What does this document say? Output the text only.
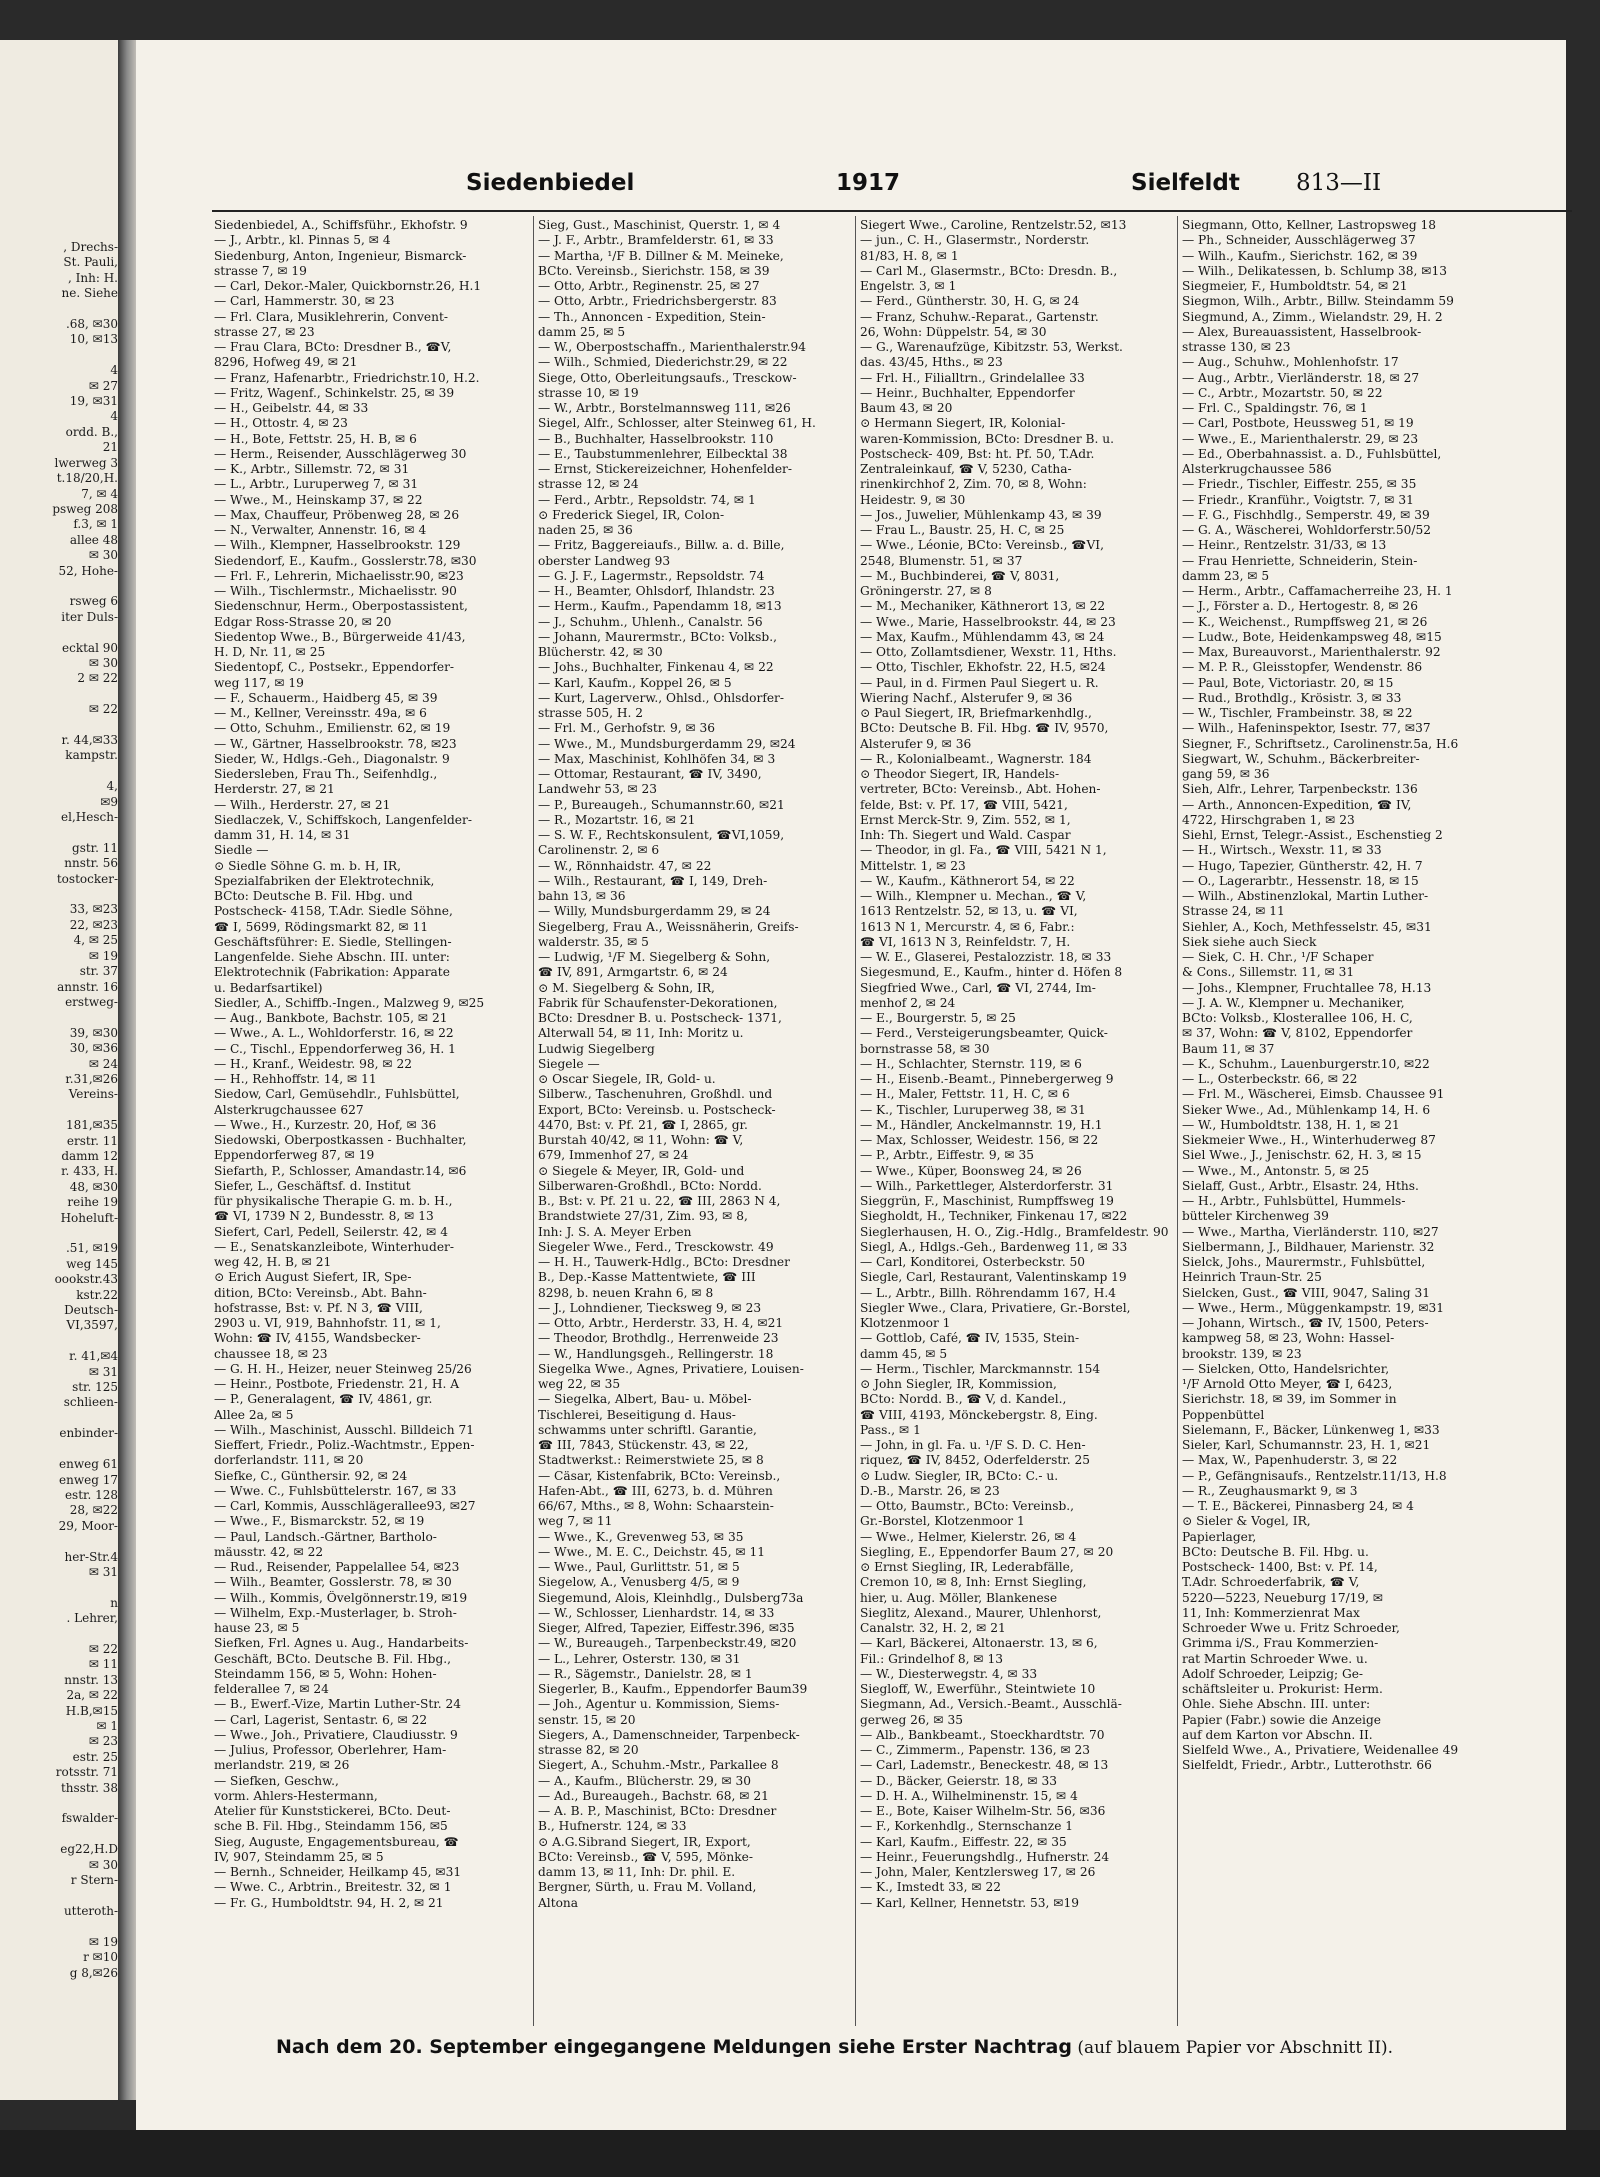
, Drechs-
St. Pauli,
, Inh: H.
ne. Siehe

.68, ✉30
10, ✉13

4
✉ 27
19, ✉31
4
ordd. B.,
21
lwerweg 3
t.18/20,H.
7, ✉ 4
psweg 208
f.3, ✉ 1
allee 48
✉ 30
52, Hohe-

rsweg 6
iter Duls-

ecktal 90
✉ 30
2 ✉ 22

✉ 22

r. 44,✉33
kampstr.

4,
✉9
el,Hesch-

gstr. 11
nnstr. 56
tostocker-

33, ✉23
22, ✉23
4, ✉ 25
✉ 19
str. 37
annstr. 16
erstweg-

39, ✉30
30, ✉36
✉ 24
r.31,✉26
Vereins-

181,✉35
erstr. 11
damm 12
r. 433, H.
48, ✉30
reihe 19
Hoheluft-

.51, ✉19
weg 145
oookstr.43
kstr.22
Deutsch-
VI,3597,

r. 41,✉4
✉ 31
str. 125
schlieen-

enbinder-

enweg 61
enweg 17
estr. 128
28, ✉22
29, Moor-

her-Str.4
✉ 31

n
. Lehrer,

✉ 22
✉ 11
nnstr. 13
2a, ✉ 22
H.B,✉15
✉ 1
✉ 23
estr. 25
rotsstr. 71
thsstr. 38

fswalder-

eg22,H.D
✉ 30
r Stern-

utteroth-

✉ 19
r ✉10
g 8,✉26
Siedenbiedel	1917	Sielfeldt 813—II
Siedenbiedel, A., Schiffsführ., Ekhofstr. 9
— J., Arbtr., kl. Pinnas 5, ✉ 4
Siedenburg, Anton, Ingenieur, Bismarck-
strasse 7, ✉ 19
— Carl, Dekor.-Maler, Quickbornstr.26, H.1
— Carl, Hammerstr. 30, ✉ 23
— Frl. Clara, Musiklehrerin, Convent-
strasse 27, ✉ 23
— Frau Clara, BCto: Dresdner B., ☎V,
8296, Hofweg 49, ✉ 21
— Franz, Hafenarbtr., Friedrichstr.10, H.2.
— Fritz, Wagenf., Schinkelstr. 25, ✉ 39
— H., Geibelstr. 44, ✉ 33
— H., Ottostr. 4, ✉ 23
— H., Bote, Fettstr. 25, H. B, ✉ 6
— Herm., Reisender, Ausschlägerweg 30
— K., Arbtr., Sillemstr. 72, ✉ 31
— L., Arbtr., Luruperweg 7, ✉ 31
— Wwe., M., Heinskamp 37, ✉ 22
— Max, Chauffeur, Pröbenweg 28, ✉ 26
— N., Verwalter, Annenstr. 16, ✉ 4
— Wilh., Klempner, Hasselbrookstr. 129
Siedendorf, E., Kaufm., Gosslerstr.78, ✉30
— Frl. F., Lehrerin, Michaelisstr.90, ✉23
— Wilh., Tischlermstr., Michaelisstr. 90
Siedenschnur, Herm., Oberpostassistent,
Edgar Ross-Strasse 20, ✉ 20
Siedentop Wwe., B., Bürgerweide 41/43,
H. D, Nr. 11, ✉ 25
Siedentopf, C., Postsekr., Eppendorfer-
weg 117, ✉ 19
— F., Schauerm., Haidberg 45, ✉ 39
— M., Kellner, Vereinsstr. 49a, ✉ 6
— Otto, Schuhm., Emilienstr. 62, ✉ 19
— W., Gärtner, Hasselbrookstr. 78, ✉23
Sieder, W., Hdlgs.-Geh., Diagonalstr. 9
Siedersleben, Frau Th., Seifenhdlg.,
Herderstr. 27, ✉ 21
— Wilh., Herderstr. 27, ✉ 21
Siedlaczek, V., Schiffskoch, Langenfelder-
damm 31, H. 14, ✉ 31
Siedle —
⊙ Siedle Söhne G. m. b. H, IR,
Spezialfabriken der Elektrotechnik,
BCto: Deutsche B. Fil. Hbg. und
Postscheck- 4158, T.Adr. Siedle Söhne,
☎ I, 5699, Rödingsmarkt 82, ✉ 11
Geschäftsführer: E. Siedle, Stellingen-
Langenfelde. Siehe Abschn. III. unter:
Elektrotechnik (Fabrikation: Apparate
u. Bedarfsartikel)
Siedler, A., Schiffb.-Ingen., Malzweg 9, ✉25
— Aug., Bankbote, Bachstr. 105, ✉ 21
— Wwe., A. L., Wohldorferstr. 16, ✉ 22
— C., Tischl., Eppendorferweg 36, H. 1
— H., Kranf., Weidestr. 98, ✉ 22
— H., Rehhoffstr. 14, ✉ 11
Siedow, Carl, Gemüsehdlr., Fuhlsbüttel,
Alsterkrugchaussee 627
— Wwe., H., Kurzestr. 20, Hof, ✉ 36
Siedowski, Oberpostkassen - Buchhalter,
Eppendorferweg 87, ✉ 19
Siefarth, P., Schlosser, Amandastr.14, ✉6
Siefer, L., Geschäftsf. d. Institut
für physikalische Therapie G. m. b. H.,
☎ VI, 1739 N 2, Bundesstr. 8, ✉ 13
Siefert, Carl, Pedell, Seilerstr. 42, ✉ 4
— E., Senatskanzleibote, Winterhuder-
weg 42, H. B, ✉ 21
⊙ Erich August Siefert, IR, Spe-
dition, BCto: Vereinsb., Abt. Bahn-
hofstrasse, Bst: v. Pf. N 3, ☎ VIII,
2903 u. VI, 919, Bahnhofstr. 11, ✉ 1,
Wohn: ☎ IV, 4155, Wandsbecker-
chaussee 18, ✉ 23
— G. H. H., Heizer, neuer Steinweg 25/26
— Heinr., Postbote, Friedenstr. 21, H. A
— P., Generalagent, ☎ IV, 4861, gr.
Allee 2a, ✉ 5
— Wilh., Maschinist, Ausschl. Billdeich 71
Sieffert, Friedr., Poliz.-Wachtmstr., Eppen-
dorferlandstr. 111, ✉ 20
Siefke, C., Günthersir. 92, ✉ 24
— Wwe. C., Fuhlsbüttelerstr. 167, ✉ 33
— Carl, Kommis, Ausschlägerallee93, ✉27
— Wwe., F., Bismarckstr. 52, ✉ 19
— Paul, Landsch.-Gärtner, Bartholo-
mäusstr. 42, ✉ 22
— Rud., Reisender, Pappelallee 54, ✉23
— Wilh., Beamter, Gosslerstr. 78, ✉ 30
— Wilh., Kommis, Övelgönnerstr.19, ✉19
— Wilhelm, Exp.-Musterlager, b. Stroh-
hause 23, ✉ 5
Siefken, Frl. Agnes u. Aug., Handarbeits-
Geschäft, BCto. Deutsche B. Fil. Hbg.,
Steindamm 156, ✉ 5, Wohn: Hohen-
felderallee 7, ✉ 24
— B., Ewerf.-Vize, Martin Luther-Str. 24
— Carl, Lagerist, Sentastr. 6, ✉ 22
— Wwe., Joh., Privatiere, Claudiusstr. 9
— Julius, Professor, Oberlehrer, Ham-
merlandstr. 219, ✉ 26
— Siefken, Geschw.,
vorm. Ahlers-Hestermann,
Atelier für Kunststickerei, BCto. Deut-
sche B. Fil. Hbg., Steindamm 156, ✉5
Sieg, Auguste, Engagementsbureau, ☎
IV, 907, Steindamm 25, ✉ 5
— Bernh., Schneider, Heilkamp 45, ✉31
— Wwe. C., Arbtrin., Breitestr. 32, ✉ 1
— Fr. G., Humboldtstr. 94, H. 2, ✉ 21
Sieg, Gust., Maschinist, Querstr. 1, ✉ 4
— J. F., Arbtr., Bramfelderstr. 61, ✉ 33
— Martha, ¹/F B. Dillner & M. Meineke,
BCto. Vereinsb., Sierichstr. 158, ✉ 39
— Otto, Arbtr., Reginenstr. 25, ✉ 27
— Otto, Arbtr., Friedrichsbergerstr. 83
— Th., Annoncen - Expedition, Stein-
damm 25, ✉ 5
— W., Oberpostschaffn., Marienthalerstr.94
— Wilh., Schmied, Diederichstr.29, ✉ 22
Siege, Otto, Oberleitungsaufs., Tresckow-
strasse 10, ✉ 19
— W., Arbtr., Borstelmannsweg 111, ✉26
Siegel, Alfr., Schlosser, alter Steinweg 61, H.
— B., Buchhalter, Hasselbrookstr. 110
— E., Taubstummenlehrer, Eilbecktal 38
— Ernst, Stickereizeichner, Hohenfelder-
strasse 12, ✉ 24
— Ferd., Arbtr., Repsoldstr. 74, ✉ 1
⊙ Frederick Siegel, IR, Colon-
naden 25, ✉ 36
— Fritz, Baggereiaufs., Billw. a. d. Bille,
oberster Landweg 93
— G. J. F., Lagermstr., Repsoldstr. 74
— H., Beamter, Ohlsdorf, Ihlandstr. 23
— Herm., Kaufm., Papendamm 18, ✉13
— J., Schuhm., Uhlenh., Canalstr. 56
— Johann, Maurermstr., BCto: Volksb.,
Blücherstr. 42, ✉ 30
— Johs., Buchhalter, Finkenau 4, ✉ 22
— Karl, Kaufm., Koppel 26, ✉ 5
— Kurt, Lagerverw., Ohlsd., Ohlsdorfer-
strasse 505, H. 2
— Frl. M., Gerhofstr. 9, ✉ 36
— Wwe., M., Mundsburgerdamm 29, ✉24
— Max, Maschinist, Kohlhöfen 34, ✉ 3
— Ottomar, Restaurant, ☎ IV, 3490,
Landwehr 53, ✉ 23
— P., Bureaugeh., Schumannstr.60, ✉21
— R., Mozartstr. 16, ✉ 21
— S. W. F., Rechtskonsulent, ☎VI,1059,
Carolinenstr. 2, ✉ 6
— W., Rönnhaidstr. 47, ✉ 22
— Wilh., Restaurant, ☎ I, 149, Dreh-
bahn 13, ✉ 36
— Willy, Mundsburgerdamm 29, ✉ 24
Siegelberg, Frau A., Weissnäherin, Greifs-
walderstr. 35, ✉ 5
— Ludwig, ¹/F M. Siegelberg & Sohn,
☎ IV, 891, Armgartstr. 6, ✉ 24
⊙ M. Siegelberg & Sohn, IR,
Fabrik für Schaufenster-Dekorationen,
BCto: Dresdner B. u. Postscheck- 1371,
Alterwall 54, ✉ 11, Inh: Moritz u.
Ludwig Siegelberg
Siegele —
⊙ Oscar Siegele, IR, Gold- u.
Silberw., Taschenuhren, Großhdl. und
Export, BCto: Vereinsb. u. Postscheck-
4470, Bst: v. Pf. 21, ☎ I, 2865, gr.
Burstah 40/42, ✉ 11, Wohn: ☎ V,
679, Immenhof 27, ✉ 24
⊙ Siegele & Meyer, IR, Gold- und
Silberwaren-Großhdl., BCto: Nordd.
B., Bst: v. Pf. 21 u. 22, ☎ III, 2863 N 4,
Brandstwiete 27/31, Zim. 93, ✉ 8,
Inh: J. S. A. Meyer Erben
Siegeler Wwe., Ferd., Tresckowstr. 49
— H. H., Tauwerk-Hdlg., BCto: Dresdner
B., Dep.-Kasse Mattentwiete, ☎ III
8298, b. neuen Krahn 6, ✉ 8
— J., Lohndiener, Tiecksweg 9, ✉ 23
— Otto, Arbtr., Herderstr. 33, H. 4, ✉21
— Theodor, Brothdlg., Herrenweide 23
— W., Handlungsgeh., Rellingerstr. 18
Siegelka Wwe., Agnes, Privatiere, Louisen-
weg 22, ✉ 35
— Siegelka, Albert, Bau- u. Möbel-
Tischlerei, Beseitigung d. Haus-
schwamms unter schriftl. Garantie,
☎ III, 7843, Stückenstr. 43, ✉ 22,
Stadtwerkst.: Reimerstwiete 25, ✉ 8
— Cäsar, Kistenfabrik, BCto: Vereinsb.,
Hafen-Abt., ☎ III, 6273, b. d. Mühren
66/67, Mths., ✉ 8, Wohn: Schaarstein-
weg 7, ✉ 11
— Wwe., K., Grevenweg 53, ✉ 35
— Wwe., M. E. C., Deichstr. 45, ✉ 11
— Wwe., Paul, Gurlittstr. 51, ✉ 5
Siegelow, A., Venusberg 4/5, ✉ 9
Siegemund, Alois, Kleinhdlg., Dulsberg73a
— W., Schlosser, Lienhardstr. 14, ✉ 33
Sieger, Alfred, Tapezier, Eiffestr.396, ✉35
— W., Bureaugeh., Tarpenbeckstr.49, ✉20
— L., Lehrer, Osterstr. 130, ✉ 31
— R., Sägemstr., Danielstr. 28, ✉ 1
Siegerler, B., Kaufm., Eppendorfer Baum39
— Joh., Agentur u. Kommission, Siems-
senstr. 15, ✉ 20
Siegers, A., Damenschneider, Tarpenbeck-
strasse 82, ✉ 20
Siegert, A., Schuhm.-Mstr., Parkallee 8
— A., Kaufm., Blücherstr. 29, ✉ 30
— Ad., Bureaugeh., Bachstr. 68, ✉ 21
— A. B. P., Maschinist, BCto: Dresdner
B., Hufnerstr. 124, ✉ 33
⊙ A.G.Sibrand Siegert, IR, Export,
BCto: Vereinsb., ☎ V, 595, Mönke-
damm 13, ✉ 11, Inh: Dr. phil. E.
Bergner, Sürth, u. Frau M. Volland,
Altona
Siegert Wwe., Caroline, Rentzelstr.52, ✉13
— jun., C. H., Glasermstr., Norderstr.
81/83, H. 8, ✉ 1
— Carl M., Glasermstr., BCto: Dresdn. B.,
Engelstr. 3, ✉ 1
— Ferd., Güntherstr. 30, H. G, ✉ 24
— Franz, Schuhw.-Reparat., Gartenstr.
26, Wohn: Düppelstr. 54, ✉ 30
— G., Warenaufzüge, Kibitzstr. 53, Werkst.
das. 43/45, Hths., ✉ 23
— Frl. H., Filialltrn., Grindelallee 33
— Heinr., Buchhalter, Eppendorfer
Baum 43, ✉ 20
⊙ Hermann Siegert, IR, Kolonial-
waren-Kommission, BCto: Dresdner B. u.
Postscheck- 409, Bst: ht. Pf. 50, T.Adr.
Zentraleinkauf, ☎ V, 5230, Catha-
rinenkirchhof 2, Zim. 70, ✉ 8, Wohn:
Heidestr. 9, ✉ 30
— Jos., Juwelier, Mühlenkamp 43, ✉ 39
— Frau L., Baustr. 25, H. C, ✉ 25
— Wwe., Léonie, BCto: Vereinsb., ☎VI,
2548, Blumenstr. 51, ✉ 37
— M., Buchbinderei, ☎ V, 8031,
Gröningerstr. 27, ✉ 8
— M., Mechaniker, Käthnerort 13, ✉ 22
— Wwe., Marie, Hasselbrookstr. 44, ✉ 23
— Max, Kaufm., Mühlendamm 43, ✉ 24
— Otto, Zollamtsdiener, Wexstr. 11, Hths.
— Otto, Tischler, Ekhofstr. 22, H.5, ✉24
— Paul, in d. Firmen Paul Siegert u. R.
Wiering Nachf., Alsterufer 9, ✉ 36
⊙ Paul Siegert, IR, Briefmarkenhdlg.,
BCto: Deutsche B. Fil. Hbg. ☎ IV, 9570,
Alsterufer 9, ✉ 36
— R., Kolonialbeamt., Wagnerstr. 184
⊙ Theodor Siegert, IR, Handels-
vertreter, BCto: Vereinsb., Abt. Hohen-
felde, Bst: v. Pf. 17, ☎ VIII, 5421,
Ernst Merck-Str. 9, Zim. 552, ✉ 1,
Inh: Th. Siegert und Wald. Caspar
— Theodor, in gl. Fa., ☎ VIII, 5421 N 1,
Mittelstr. 1, ✉ 23
— W., Kaufm., Käthnerort 54, ✉ 22
— Wilh., Klempner u. Mechan., ☎ V,
1613 Rentzelstr. 52, ✉ 13, u. ☎ VI,
1613 N 1, Mercurstr. 4, ✉ 6, Fabr.:
☎ VI, 1613 N 3, Reinfeldstr. 7, H.
— W. E., Glaserei, Pestalozzistr. 18, ✉ 33
Siegesmund, E., Kaufm., hinter d. Höfen 8
Siegfried Wwe., Carl, ☎ VI, 2744, Im-
menhof 2, ✉ 24
— E., Bourgerstr. 5, ✉ 25
— Ferd., Versteigerungsbeamter, Quick-
bornstrasse 58, ✉ 30
— H., Schlachter, Sternstr. 119, ✉ 6
— H., Eisenb.-Beamt., Pinnebergerweg 9
— H., Maler, Fettstr. 11, H. C, ✉ 6
— K., Tischler, Luruperweg 38, ✉ 31
— M., Händler, Anckelmannstr. 19, H.1
— Max, Schlosser, Weidestr. 156, ✉ 22
— P., Arbtr., Eiffestr. 9, ✉ 35
— Wwe., Küper, Boonsweg 24, ✉ 26
— Wilh., Parkettleger, Alsterdorferstr. 31
Sieggrün, F., Maschinist, Rumpffsweg 19
Siegholdt, H., Techniker, Finkenau 17, ✉22
Sieglerhausen, H. O., Zig.-Hdlg., Bramfeldestr. 90
Siegl, A., Hdlgs.-Geh., Bardenweg 11, ✉ 33
— Carl, Konditorei, Osterbeckstr. 50
Siegle, Carl, Restaurant, Valentinskamp 19
— L., Arbtr., Billh. Röhrendamm 167, H.4
Siegler Wwe., Clara, Privatiere, Gr.-Borstel,
Klotzenmoor 1
— Gottlob, Café, ☎ IV, 1535, Stein-
damm 45, ✉ 5
— Herm., Tischler, Marckmannstr. 154
⊙ John Siegler, IR, Kommission,
BCto: Nordd. B., ☎ V, d. Kandel.,
☎ VIII, 4193, Mönckebergstr. 8, Eing.
Pass., ✉ 1
— John, in gl. Fa. u. ¹/F S. D. C. Hen-
riquez, ☎ IV, 8452, Oderfelderstr. 25
⊙ Ludw. Siegler, IR, BCto: C.- u.
D.-B., Marstr. 26, ✉ 23
— Otto, Baumstr., BCto: Vereinsb.,
Gr.-Borstel, Klotzenmoor 1
— Wwe., Helmer, Kielerstr. 26, ✉ 4
Siegling, E., Eppendorfer Baum 27, ✉ 20
⊙ Ernst Siegling, IR, Lederabfälle,
Cremon 10, ✉ 8, Inh: Ernst Siegling,
hier, u. Aug. Möller, Blankenese
Sieglitz, Alexand., Maurer, Uhlenhorst,
Canalstr. 32, H. 2, ✉ 21
— Karl, Bäckerei, Altonaerstr. 13, ✉ 6,
Fil.: Grindelhof 8, ✉ 13
— W., Diesterwegstr. 4, ✉ 33
Siegloff, W., Ewerführ., Steintwiete 10
Siegmann, Ad., Versich.-Beamt., Ausschlä-
gerweg 26, ✉ 35
— Alb., Bankbeamt., Stoeckhardtstr. 70
— C., Zimmerm., Papenstr. 136, ✉ 23
— Carl, Lademstr., Beneckestr. 48, ✉ 13
— D., Bäcker, Geierstr. 18, ✉ 33
— D. H. A., Wilhelminenstr. 15, ✉ 4
— E., Bote, Kaiser Wilhelm-Str. 56, ✉36
— F., Korkenhdlg., Sternschanze 1
— Karl, Kaufm., Eiffestr. 22, ✉ 35
— Heinr., Feuerungshdlg., Hufnerstr. 24
— John, Maler, Kentzlersweg 17, ✉ 26
— K., Imstedt 33, ✉ 22
— Karl, Kellner, Hennetstr. 53, ✉19
Siegmann, Otto, Kellner, Lastropsweg 18
— Ph., Schneider, Ausschlägerweg 37
— Wilh., Kaufm., Sierichstr. 162, ✉ 39
— Wilh., Delikatessen, b. Schlump 38, ✉13
Siegmeier, F., Humboldtstr. 54, ✉ 21
Siegmon, Wilh., Arbtr., Billw. Steindamm 59
Siegmund, A., Zimm., Wielandstr. 29, H. 2
— Alex, Bureauassistent, Hasselbrook-
strasse 130, ✉ 23
— Aug., Schuhw., Mohlenhofstr. 17
— Aug., Arbtr., Vierländerstr. 18, ✉ 27
— C., Arbtr., Mozartstr. 50, ✉ 22
— Frl. C., Spaldingstr. 76, ✉ 1
— Carl, Postbote, Heussweg 51, ✉ 19
— Wwe., E., Marienthalerstr. 29, ✉ 23
— Ed., Oberbahnassist. a. D., Fuhlsbüttel,
Alsterkrugchaussee 586
— Friedr., Tischler, Eiffestr. 255, ✉ 35
— Friedr., Kranführ., Voigtstr. 7, ✉ 31
— F. G., Fischhdlg., Semperstr. 49, ✉ 39
— G. A., Wäscherei, Wohldorferstr.50/52
— Heinr., Rentzelstr. 31/33, ✉ 13
— Frau Henriette, Schneiderin, Stein-
damm 23, ✉ 5
— Herm., Arbtr., Caffamacherreihe 23, H. 1
— J., Förster a. D., Hertogestr. 8, ✉ 26
— K., Weichenst., Rumpffsweg 21, ✉ 26
— Ludw., Bote, Heidenkampsweg 48, ✉15
— Max, Bureauvorst., Marienthalerstr. 92
— M. P. R., Gleisstopfer, Wendenstr. 86
— Paul, Bote, Victoriastr. 20, ✉ 15
— Rud., Brothdlg., Krösistr. 3, ✉ 33
— W., Tischler, Frambeinstr. 38, ✉ 22
— Wilh., Hafeninspektor, Isestr. 77, ✉37
Siegner, F., Schriftsetz., Carolinenstr.5a, H.6
Siegwart, W., Schuhm., Bäckerbreiter-
gang 59, ✉ 36
Sieh, Alfr., Lehrer, Tarpenbeckstr. 136
— Arth., Annoncen-Expedition, ☎ IV,
4722, Hirschgraben 1, ✉ 23
Siehl, Ernst, Telegr.-Assist., Eschenstieg 2
— H., Wirtsch., Wexstr. 11, ✉ 33
— Hugo, Tapezier, Güntherstr. 42, H. 7
— O., Lagerarbtr., Hessenstr. 18, ✉ 15
— Wilh., Abstinenzlokal, Martin Luther-
Strasse 24, ✉ 11
Siehler, A., Koch, Methfesselstr. 45, ✉31
Siek siehe auch Sieck
— Siek, C. H. Chr., ¹/F Schaper
& Cons., Sillemstr. 11, ✉ 31
— Johs., Klempner, Fruchtallee 78, H.13
— J. A. W., Klempner u. Mechaniker,
BCto: Volksb., Klosterallee 106, H. C,
✉ 37, Wohn: ☎ V, 8102, Eppendorfer
Baum 11, ✉ 37
— K., Schuhm., Lauenburgerstr.10, ✉22
— L., Osterbeckstr. 66, ✉ 22
— Frl. M., Wäscherei, Eimsb. Chaussee 91
Sieker Wwe., Ad., Mühlenkamp 14, H. 6
— W., Humboldtstr. 138, H. 1, ✉ 21
Siekmeier Wwe., H., Winterhuderweg 87
Siel Wwe., J., Jenischstr. 62, H. 3, ✉ 15
— Wwe., M., Antonstr. 5, ✉ 25
Sielaff, Gust., Arbtr., Elsastr. 24, Hths.
— H., Arbtr., Fuhlsbüttel, Hummels-
bütteler Kirchenweg 39
— Wwe., Martha, Vierländerstr. 110, ✉27
Sielbermann, J., Bildhauer, Marienstr. 32
Sielck, Johs., Maurermstr., Fuhlsbüttel,
Heinrich Traun-Str. 25
Sielcken, Gust., ☎ VIII, 9047, Saling 31
— Wwe., Herm., Müggenkampstr. 19, ✉31
— Johann, Wirtsch., ☎ IV, 1500, Peters-
kampweg 58, ✉ 23, Wohn: Hassel-
brookstr. 139, ✉ 23
— Sielcken, Otto, Handelsrichter,
¹/F Arnold Otto Meyer, ☎ I, 6423,
Sierichstr. 18, ✉ 39, im Sommer in
Poppenbüttel
Sielemann, F., Bäcker, Lünkenweg 1, ✉33
Sieler, Karl, Schumannstr. 23, H. 1, ✉21
— Max, W., Papenhuderstr. 3, ✉ 22
— P., Gefängnisaufs., Rentzelstr.11/13, H.8
— R., Zeughausmarkt 9, ✉ 3
— T. E., Bäckerei, Pinnasberg 24, ✉ 4
⊙ Sieler & Vogel, IR,
Papierlager,
BCto: Deutsche B. Fil. Hbg. u.
Postscheck- 1400, Bst: v. Pf. 14,
T.Adr. Schroederfabrik, ☎ V,
5220—5223, Neueburg 17/19, ✉
11, Inh: Kommerzienrat Max
Schroeder Wwe u. Fritz Schroeder,
Grimma i/S., Frau Kommerzien-
rat Martin Schroeder Wwe. u.
Adolf Schroeder, Leipzig; Ge-
schäftsleiter u. Prokurist: Herm.
Ohle. Siehe Abschn. III. unter:
Papier (Fabr.) sowie die Anzeige
auf dem Karton vor Abschn. II.
Sielfeld Wwe., A., Privatiere, Weidenallee 49
Sielfeldt, Friedr., Arbtr., Lutterothstr. 66
Nach dem 20. September eingegangene Meldungen siehe Erster Nachtrag (auf blauem Papier vor Abschnitt II).
